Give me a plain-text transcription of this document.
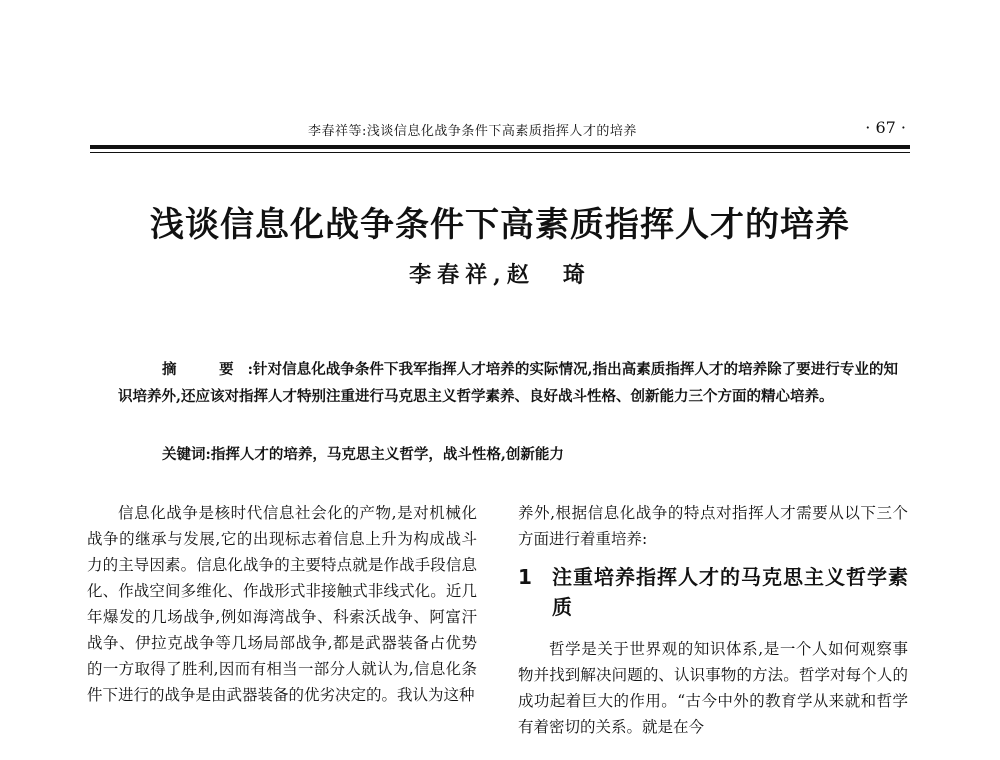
李春祥等:浅谈信息化战争条件下高素质指挥人才的培养	· 67 ·
浅谈信息化战争条件下高素质指挥人才的培养
李春祥,赵　琦

摘　要:针对信息化战争条件下我军指挥人才培养的实际情况,指出高素质指挥人才的培养除了要进行专业的知识培养外,还应该对指挥人才特别注重进行马克思主义哲学素养、良好战斗性格、创新能力三个方面的精心培养。

关键词:指挥人才的培养，马克思主义哲学，战斗性格,创新能力

信息化战争是核时代信息社会化的产物,是对机械化战争的继承与发展,它的出现标志着信息上升为构成战斗力的主导因素。信息化战争的主要特点就是作战手段信息化、作战空间多维化、作战形式非接触式非线式化。近几年爆发的几场战争,例如海湾战争、科索沃战争、阿富汗战争、伊拉克战争等几场局部战争,都是武器装备占优势的一方取得了胜利,因而有相当一部分人就认为,信息化条件下进行的战争是由武器装备的优劣决定的。我认为这种

养外,根据信息化战争的特点对指挥人才需要从以下三个方面进行着重培养:

1	注重培养指挥人才的马克思主义哲学素质

哲学是关于世界观的知识体系,是一个人如何观察事物并找到解决问题的、认识事物的方法。哲学对每个人的成功起着巨大的作用。“古今中外的教育学从来就和哲学有着密切的关系。就是在今
